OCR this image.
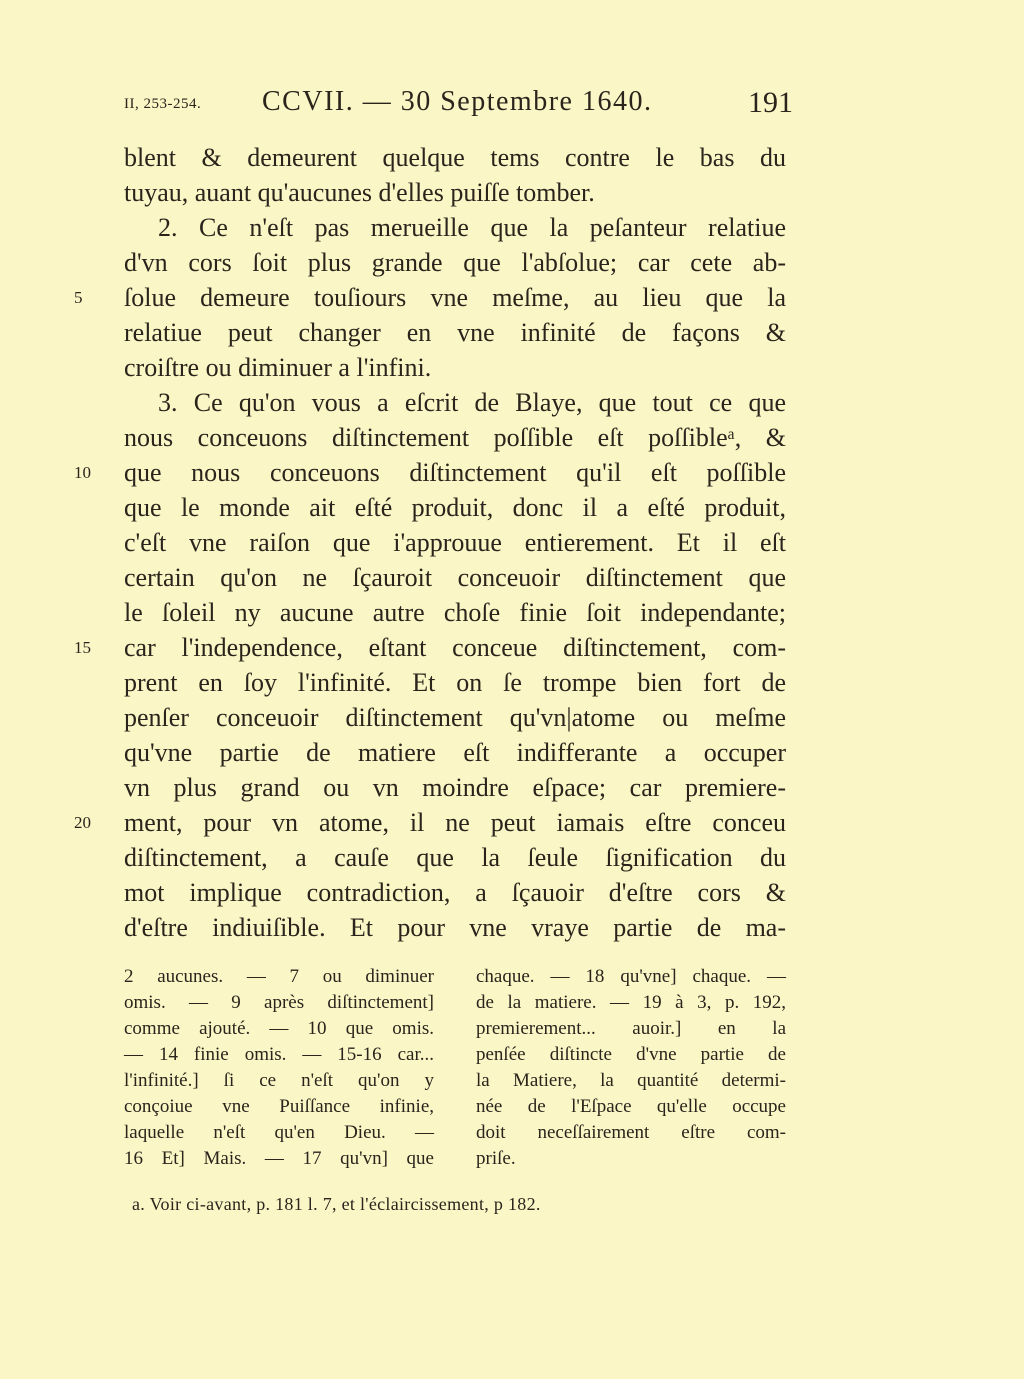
II, 253-254. CCVII. — 30 Septembre 1640.	191
blent & demeurent quelque tems contre le bas du
tuyau, auant qu'aucunes d'elles puiſſe tomber.
2. Ce n'eſt pas merueille que la peſanteur relatiue
d'vn cors ſoit plus grande que l'abſolue; car cete ab-
5	ſolue demeure touſiours vne meſme, au lieu que la
relatiue peut changer en vne infinité de façons &
croiſtre ou diminuer a l'infini.
3. Ce qu'on vous a eſcrit de Blaye, que tout ce que
nous conceuons diſtinctement poſſible eſt poſſibleᵃ, &
10	que nous conceuons diſtinctement qu'il eſt poſſible
que le monde ait eſté produit, donc il a eſté produit,
c'eſt vne raiſon que i'approuue entierement. Et il eſt
certain qu'on ne ſçauroit conceuoir diſtinctement que
le ſoleil ny aucune autre choſe finie ſoit independante;
15	car l'independence, eſtant conceue diſtinctement, com-
prent en ſoy l'infinité. Et on ſe trompe bien fort de
penſer conceuoir diſtinctement qu'vn|atome ou meſme
qu'vne partie de matiere eſt indifferante a occuper
vn plus grand ou vn moindre eſpace; car premiere-
20	ment, pour vn atome, il ne peut iamais eſtre conceu
diſtinctement, a cauſe que la ſeule ſignification du
mot implique contradiction, a ſçauoir d'eſtre cors &
d'eſtre indiuiſible. Et pour vne vraye partie de ma-
2 aucunes. — 7 ou diminuer
omis. — 9 après diſtinctement]
comme ajouté. — 10 que omis.
— 14 finie omis. — 15-16 car...
l'infinité.] ſi ce n'eſt qu'on y
conçoiue vne Puiſſance infinie,
laquelle n'eſt qu'en Dieu. —
16 Et] Mais. — 17 qu'vn] que
chaque. — 18 qu'vne] chaque. —
de la matiere. — 19 à 3, p. 192,
premierement... auoir.] en la
penſée diſtincte d'vne partie de
la Matiere, la quantité determi-
née de l'Eſpace qu'elle occupe
doit neceſſairement eſtre com-
priſe.
a. Voir ci-avant, p. 181 l. 7, et l'éclaircissement, p 182.
